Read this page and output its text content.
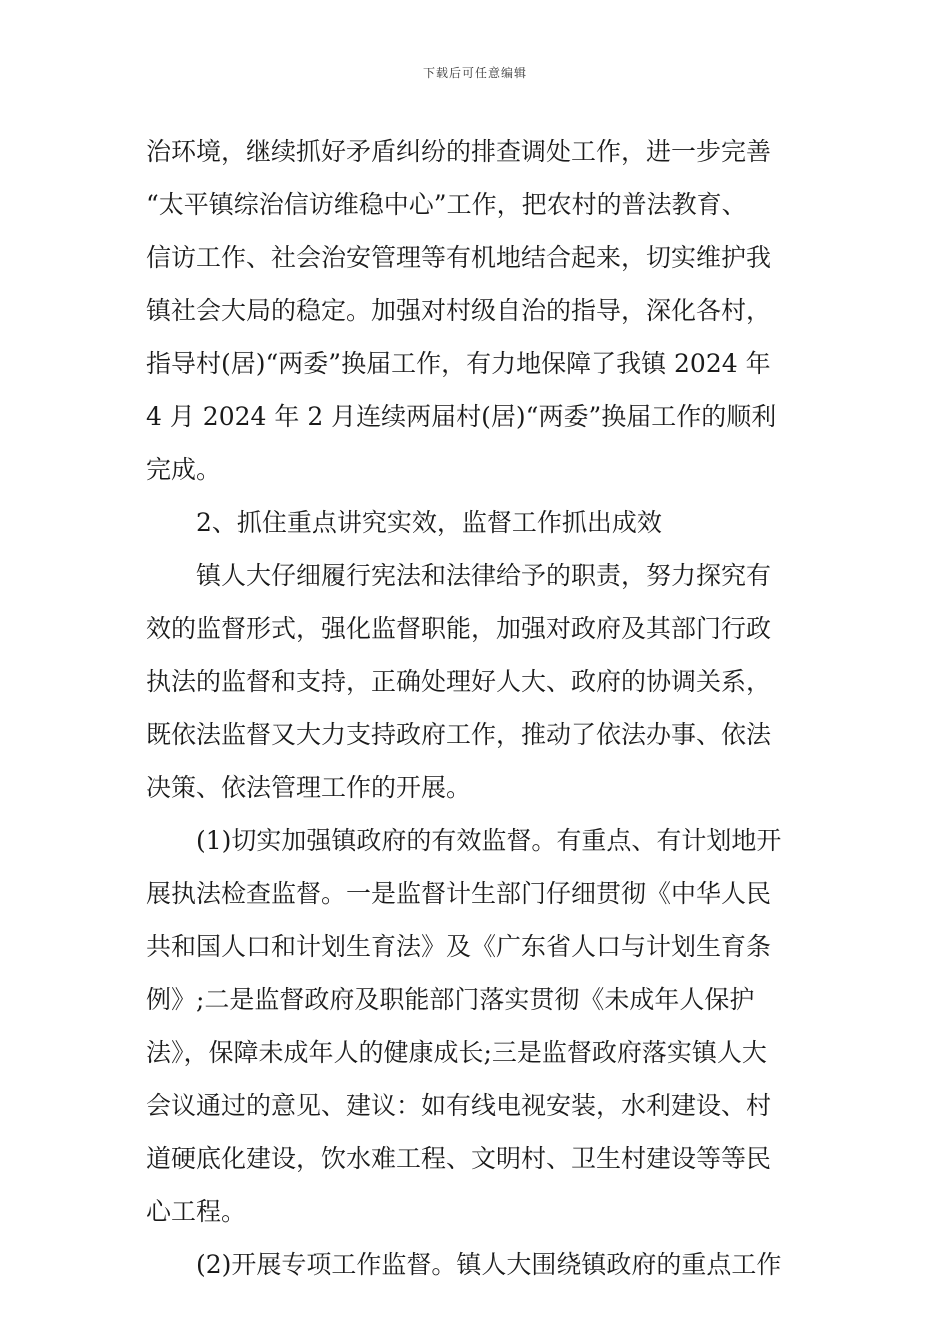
下载后可任意编辑
治环境，继续抓好矛盾纠纷的排查调处工作，进一步完善
“太平镇综治信访维稳中心”工作，把农村的普法教育、
信访工作、社会治安管理等有机地结合起来，切实维护我
镇社会大局的稳定。加强对村级自治的指导，深化各村，
指导村(居)“两委”换届工作，有力地保障了我镇 2024 年
4 月 2024 年 2 月连续两届村(居)“两委”换届工作的顺利
完成。
2、抓住重点讲究实效，监督工作抓出成效
镇人大仔细履行宪法和法律给予的职责，努力探究有
效的监督形式，强化监督职能，加强对政府及其部门行政
执法的监督和支持，正确处理好人大、政府的协调关系，
既依法监督又大力支持政府工作，推动了依法办事、依法
决策、依法管理工作的开展。
(1)切实加强镇政府的有效监督。有重点、有计划地开
展执法检查监督。一是监督计生部门仔细贯彻《中华人民
共和国人口和计划生育法》及《广东省人口与计划生育条
例》;二是监督政府及职能部门落实贯彻《未成年人保护
法》，保障未成年人的健康成长;三是监督政府落实镇人大
会议通过的意见、建议：如有线电视安装，水利建设、村
道硬底化建设，饮水难工程、文明村、卫生村建设等等民
心工程。
(2)开展专项工作监督。镇人大围绕镇政府的重点工作
